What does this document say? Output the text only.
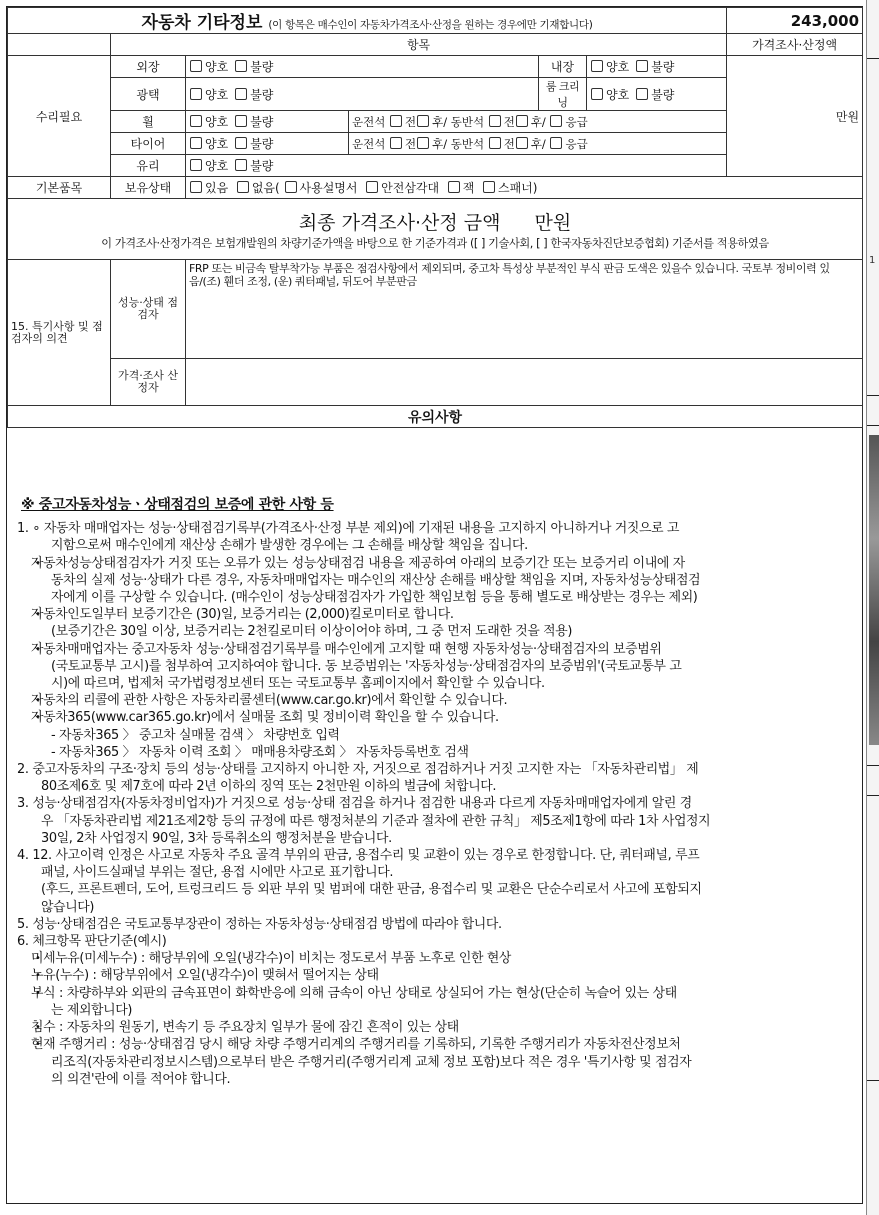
자동차 기타정보 (이 항목은 매수인이 자동차가격조사·산정을 원하는 경우에만 기재합니다)						243,000
	항목					가격조사·산정액
수리필요	외장	양호 불량		내장	양호 불량	만원
	광택	양호 불량		룸 크리닝	양호 불량	
	휠	양호 불량	운전석 전 후/ 동반석 전 후/ 응급			
	타이어	양호 불량	운전석 전 후/ 동반석 전 후/ 응급			
	유리	양호 불량				
기본품목	보유상태	있음 없음( 사용설명서 안전삼각대 잭 스패너)				

최종 가격조사·산정 금액 만원
이 가격조사·산정가격은 보험개발원의 차량기준가액을 바탕으로 한 기준가격과 ([ ] 기술사회, [ ] 한국자동차진단보증협회) 기준서를 적용하였음						

15. 특기사항 및 점검자의 의견	성능·상태 점검자	FRP 또는 비금속 탈부착가능 부품은 점검사항에서 제외되며, 중고차 특성상 부분적인 부식 판금 도색은 있을수 있습니다. 국토부 정비이력 있음/(조) 휀더 조정, (운) 쿼터패널, 뒤도어 부분판금				
	가격·조사 산정자					
유의사항						
※ 중고자동차성능ㆍ상태점검의 보증에 관한 사항 등

1. ∘ 자동차 매매업자는 성능·상태점검기록부(가격조사·산정 부분 제외)에 기재된 내용을 고지하지 아니하거나 거짓으로 고

지함으로써 매수인에게 재산상 손해가 발생한 경우에는 그 손해를 배상할 책임을 집니다.

• 자동차성능상태점검자가 거짓 또는 오류가 있는 성능상태점검 내용을 제공하여 아래의 보증기간 또는 보증거리 이내에 자

동차의 실제 성능·상태가 다른 경우, 자동차매매업자는 매수인의 재산상 손해를 배상할 책임을 지며, 자동차성능상태점검

자에게 이를 구상할 수 있습니다. (매수인이 성능상태점검자가 가입한 책임보험 등을 통해 별도로 배상받는 경우는 제외)

• 자동차인도일부터 보증기간은 (30)일, 보증거리는 (2,000)킬로미터로 합니다.

(보증기간은 30일 이상, 보증거리는 2천킬로미터 이상이어야 하며, 그 중 먼저 도래한 것을 적용)

• 자동차매매업자는 중고자동차 성능·상태점검기록부를 매수인에게 고지할 때 현행 자동차성능·상태점검자의 보증범위

(국토교통부 고시)를 첨부하여 고지하여야 합니다. 동 보증범위는 '자동차성능·상태점검자의 보증범위'(국토교통부 고

시)에 따르며, 법제처 국가법령정보센터 또는 국토교통부 홈페이지에서 확인할 수 있습니다.

• 자동차의 리콜에 관한 사항은 자동차리콜센터(www.car.go.kr)에서 확인할 수 있습니다.

• 자동차365(www.car365.go.kr)에서 실매물 조회 및 정비이력 확인을 할 수 있습니다.

- 자동차365 〉 중고차 실매물 검색 〉 차량번호 입력

- 자동차365 〉 자동차 이력 조회 〉 매매용차량조회 〉 자동차등록번호 검색

2. 중고자동차의 구조·장치 등의 성능·상태를 고지하지 아니한 자, 거짓으로 점검하거나 거짓 고지한 자는 「자동차관리법」 제

80조제6호 및 제7호에 따라 2년 이하의 징역 또는 2천만원 이하의 벌금에 처합니다.

3. 성능·상태점검자(자동차정비업자)가 거짓으로 성능·상태 점검을 하거나 점검한 내용과 다르게 자동차매매업자에게 알린 경

우 「자동차관리법 제21조제2항 등의 규정에 따른 행정처분의 기준과 절차에 관한 규칙」 제5조제1항에 따라 1차 사업정지

30일, 2차 사업정지 90일, 3차 등록취소의 행정처분을 받습니다.

4. 12. 사고이력 인정은 사고로 자동차 주요 골격 부위의 판금, 용접수리 및 교환이 있는 경우로 한정합니다. 단, 쿼터패널, 루프

패널, 사이드실패널 부위는 절단, 용접 시에만 사고로 표기합니다.

(후드, 프론트펜더, 도어, 트렁크리드 등 외판 부위 및 범퍼에 대한 판금, 용접수리 및 교환은 단순수리로서 사고에 포함되지

않습니다)

5. 성능·상태점검은 국토교통부장관이 정하는 자동차성능·상태점검 방법에 따라야 합니다.

6. 체크항목 판단기준(예시)

• 미세누유(미세누수) : 해당부위에 오일(냉각수)이 비치는 정도로서 부품 노후로 인한 현상

• 누유(누수) : 해당부위에서 오일(냉각수)이 맺혀서 떨어지는 상태

• 부식 : 차량하부와 외판의 금속표면이 화학반응에 의해 금속이 아닌 상태로 상실되어 가는 현상(단순히 녹슬어 있는 상태

는 제외합니다)

• 침수 : 자동차의 원동기, 변속기 등 주요장치 일부가 물에 잠긴 흔적이 있는 상태

• 현재 주행거리 : 성능·상태점검 당시 해당 차량 주행거리계의 주행거리를 기록하되, 기록한 주행거리가 자동차전산정보처

리조직(자동차관리정보시스템)으로부터 받은 주행거리(주행거리계 교체 정보 포함)보다 적은 경우 '특기사항 및 점검자

의 의견'란에 이를 적어야 합니다.

1
